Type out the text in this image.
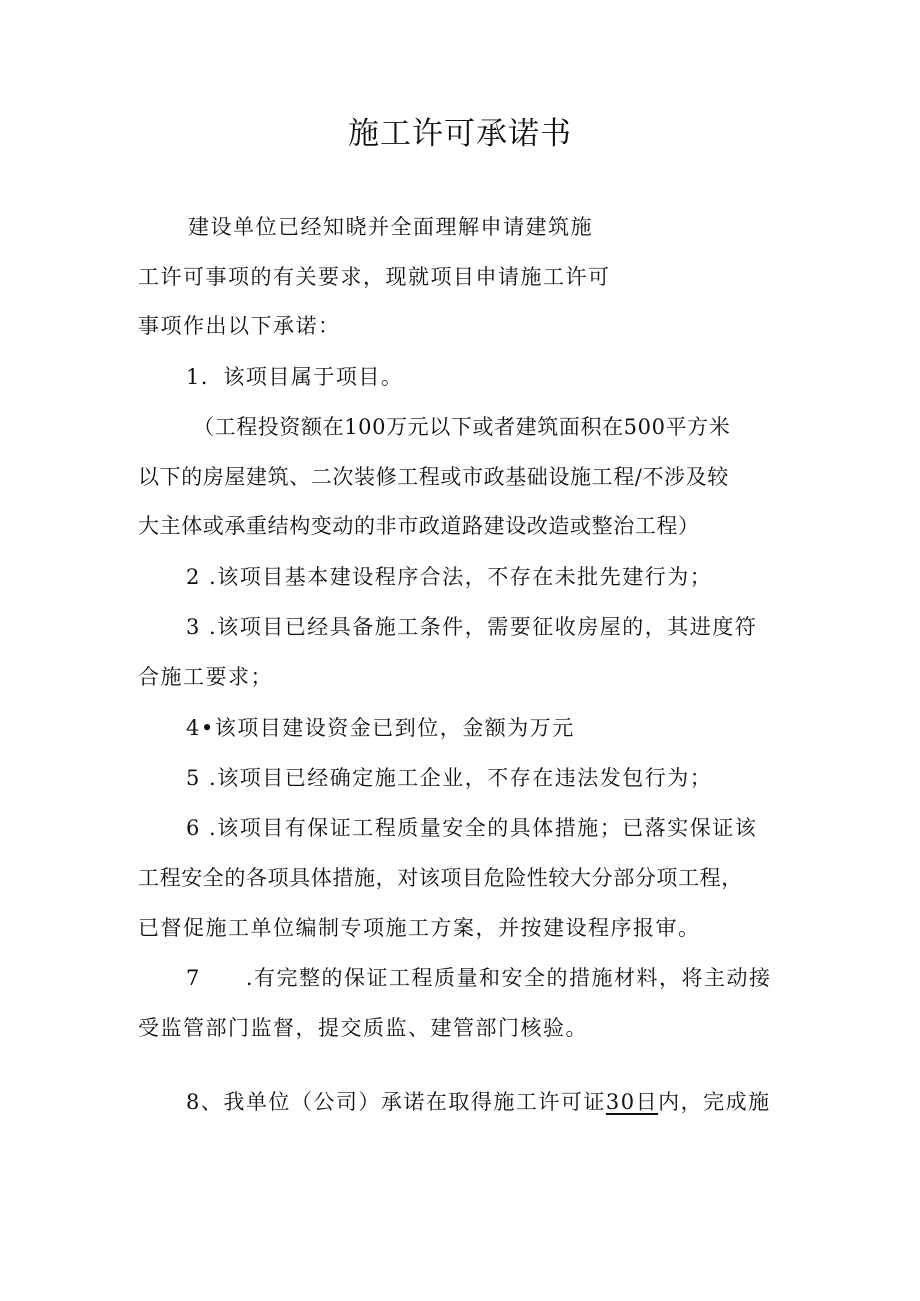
施工许可承诺书
建设单位已经知晓并全面理解申请建筑施
工许可事项的有关要求，现就项目申请施工许可
事项作出以下承诺：
1．该项目属于项目。
（工程投资额在100万元以下或者建筑面积在500平方米
以下的房屋建筑、二次装修工程或市政基础设施工程/不涉及较
大主体或承重结构变动的非市政道路建设改造或整治工程）
2 .该项目基本建设程序合法，不存在未批先建行为；
3 .该项目已经具备施工条件，需要征收房屋的，其进度符
合施工要求；
4•该项目建设资金已到位，金额为万元
5 .该项目已经确定施工企业，不存在违法发包行为；
6 .该项目有保证工程质量安全的具体措施；已落实保证该
工程安全的各项具体措施，对该项目危险性较大分部分项工程，
已督促施工单位编制专项施工方案，并按建设程序报审。
7　　.有完整的保证工程质量和安全的措施材料，将主动接
受监管部门监督，提交质监、建管部门核验。
8、我单位（公司）承诺在取得施工许可证30日内，完成施
